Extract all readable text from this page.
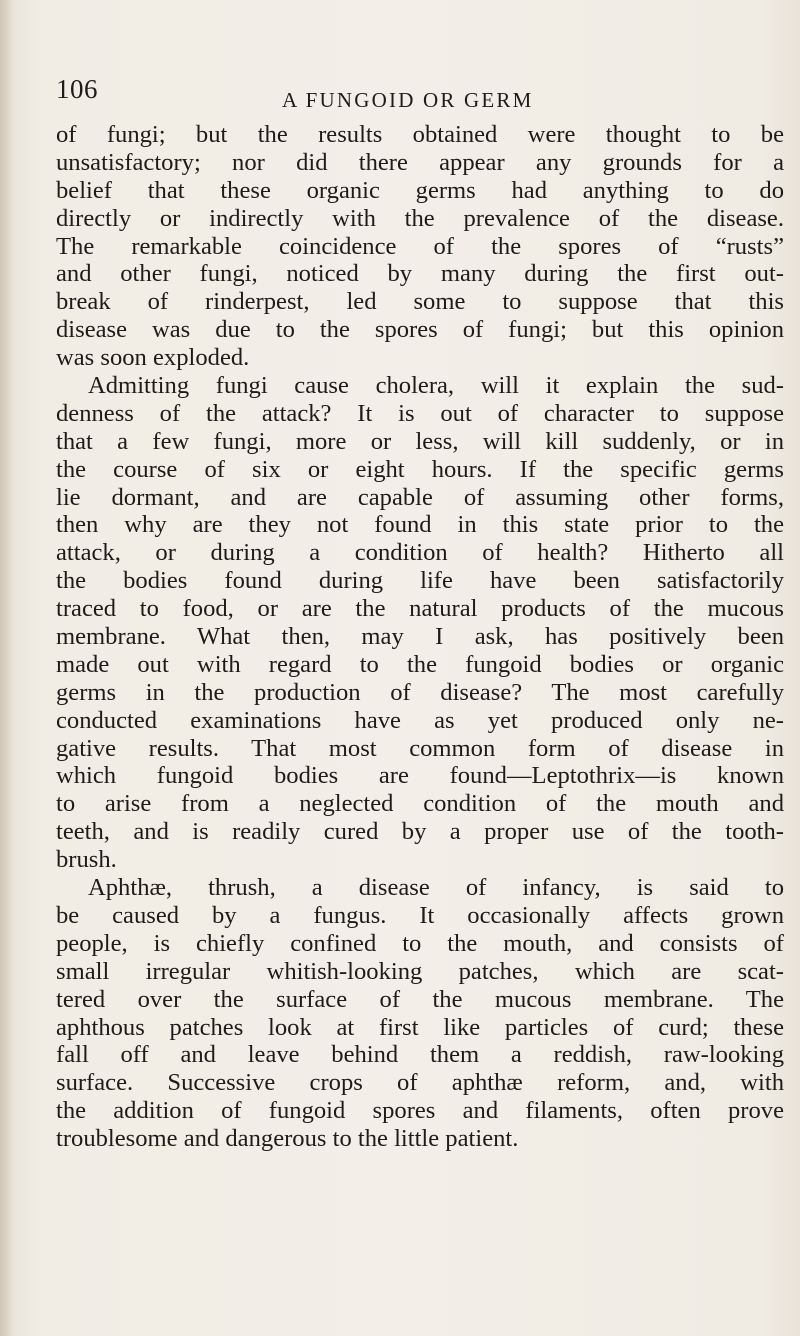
106	A FUNGOID OR GERM
of fungi; but the results obtained were thought to be
unsatisfactory; nor did there appear any grounds for a
belief that these organic germs had anything to do
directly or indirectly with the prevalence of the disease.
The remarkable coincidence of the spores of “rusts”
and other fungi, noticed by many during the first out-
break of rinderpest, led some to suppose that this
disease was due to the spores of fungi; but this opinion
was soon exploded.
Admitting fungi cause cholera, will it explain the sud-
denness of the attack? It is out of character to suppose
that a few fungi, more or less, will kill suddenly, or in
the course of six or eight hours. If the specific germs
lie dormant, and are capable of assuming other forms,
then why are they not found in this state prior to the
attack, or during a condition of health? Hitherto all
the bodies found during life have been satisfactorily
traced to food, or are the natural products of the mucous
membrane. What then, may I ask, has positively been
made out with regard to the fungoid bodies or organic
germs in the production of disease? The most carefully
conducted examinations have as yet produced only ne-
gative results. That most common form of disease in
which fungoid bodies are found—Leptothrix—is known
to arise from a neglected condition of the mouth and
teeth, and is readily cured by a proper use of the tooth-
brush.
Aphthæ, thrush, a disease of infancy, is said to
be caused by a fungus. It occasionally affects grown
people, is chiefly confined to the mouth, and consists of
small irregular whitish-looking patches, which are scat-
tered over the surface of the mucous membrane. The
aphthous patches look at first like particles of curd; these
fall off and leave behind them a reddish, raw-looking
surface. Successive crops of aphthæ reform, and, with
the addition of fungoid spores and filaments, often prove
troublesome and dangerous to the little patient.
